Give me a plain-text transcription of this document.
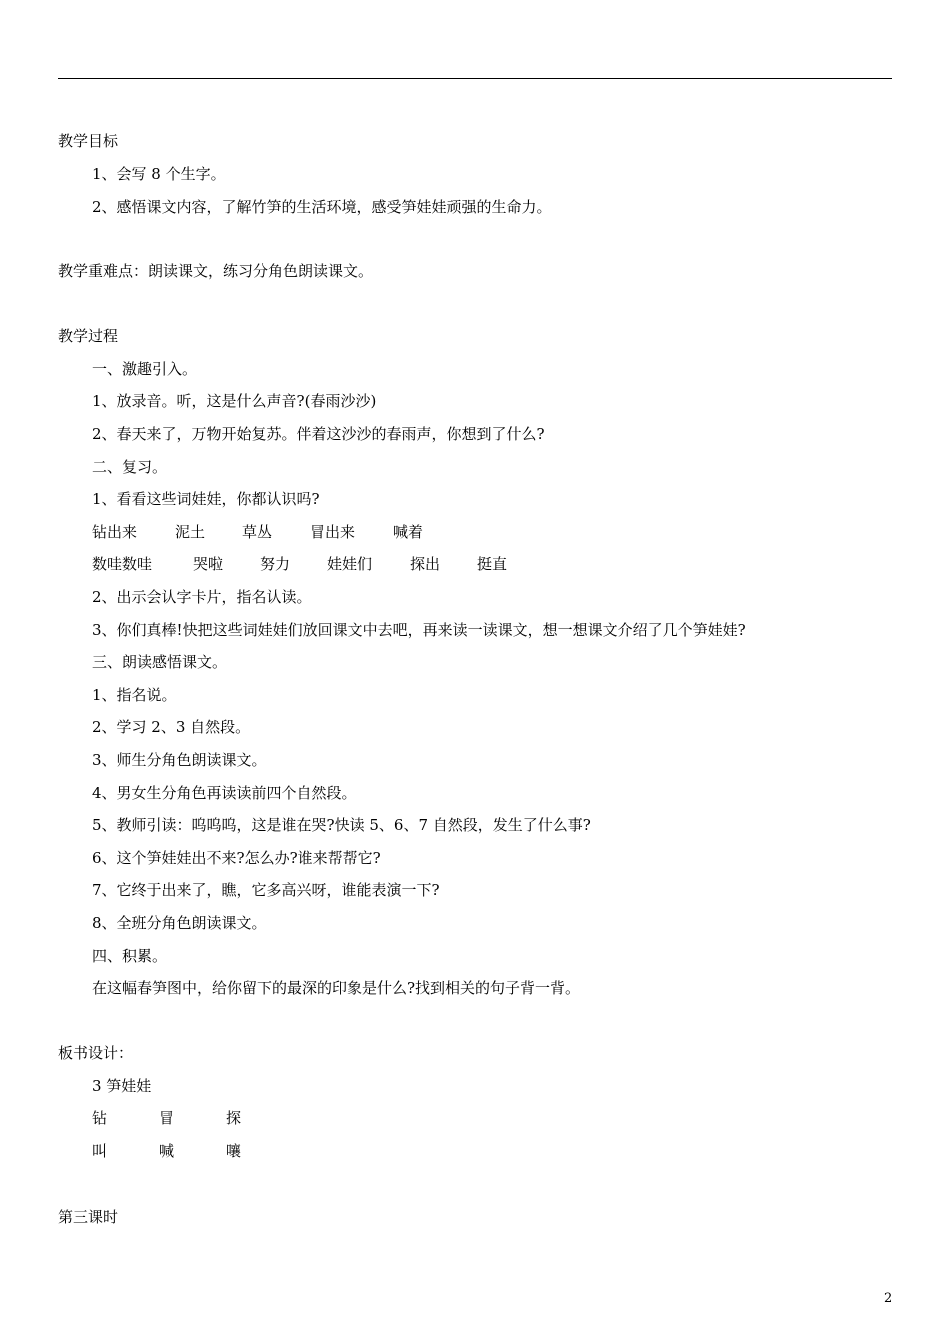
教学目标
1、会写 8 个生字。
2、感悟课文内容，了解竹笋的生活环境，感受笋娃娃顽强的生命力。
教学重难点：朗读课文，练习分角色朗读课文。
教学过程
一、激趣引入。
1、放录音。听，这是什么声音?(春雨沙沙)
2、春天来了，万物开始复苏。伴着这沙沙的春雨声，你想到了什么?
二、复习。
1、看看这些词娃娃，你都认识吗?
钻出来	泥土 草丛	冒出来	喊着
数哇数哇	哭啦 努力 娃娃们	探出 挺直
2、出示会认字卡片，指名认读。
3、你们真棒!快把这些词娃娃们放回课文中去吧，再来读一读课文，想一想课文介绍了几个笋娃娃?
三、朗读感悟课文。
1、指名说。
2、学习 2、3 自然段。
3、师生分角色朗读课文。
4、男女生分角色再读读前四个自然段。
5、教师引读：呜呜呜，这是谁在哭?快读 5、6、7 自然段，发生了什么事?
6、这个笋娃娃出不来?怎么办?谁来帮帮它?
7、它终于出来了，瞧，它多高兴呀，谁能表演一下?
8、全班分角色朗读课文。
四、积累。
在这幅春笋图中，给你留下的最深的印象是什么?找到相关的句子背一背。
板书设计：
3 笋娃娃
钻	冒	探
叫	喊	嚷
第三课时
2
